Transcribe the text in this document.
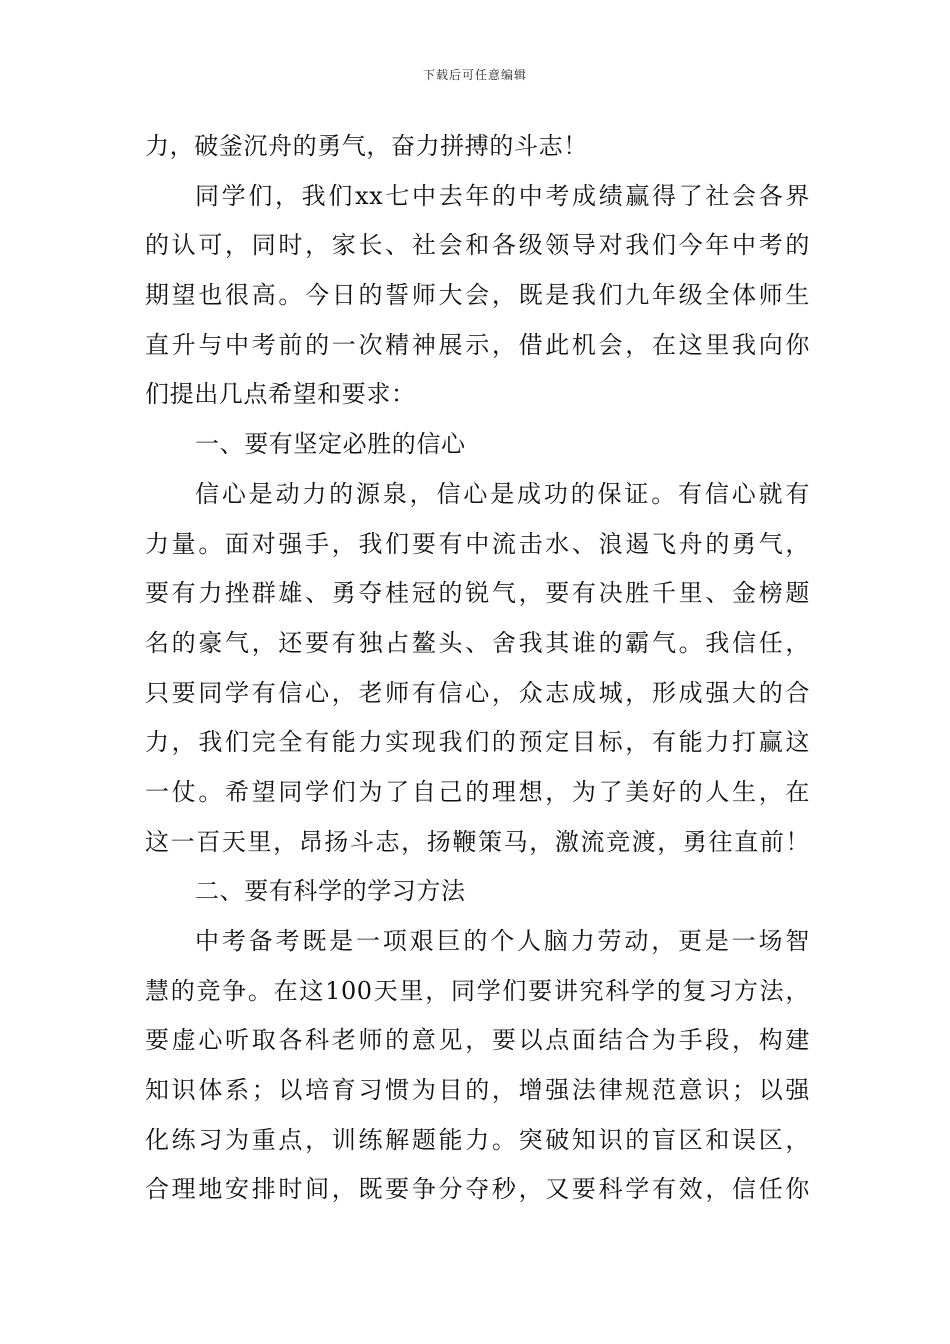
下载后可任意编辑
力，破釜沉舟的勇气，奋力拼搏的斗志！
同学们，我们xx七中去年的中考成绩赢得了社会各界
的认可，同时，家长、社会和各级领导对我们今年中考的
期望也很高。今日的誓师大会，既是我们九年级全体师生
直升与中考前的一次精神展示，借此机会，在这里我向你
们提出几点希望和要求：
一、要有坚定必胜的信心
信心是动力的源泉，信心是成功的保证。有信心就有
力量。面对强手，我们要有中流击水、浪遏飞舟的勇气，
要有力挫群雄、勇夺桂冠的锐气，要有决胜千里、金榜题
名的豪气，还要有独占鳌头、舍我其谁的霸气。我信任，
只要同学有信心，老师有信心，众志成城，形成强大的合
力，我们完全有能力实现我们的预定目标，有能力打赢这
一仗。希望同学们为了自己的理想，为了美好的人生，在
这一百天里，昂扬斗志，扬鞭策马，激流竞渡，勇往直前！
二、要有科学的学习方法
中考备考既是一项艰巨的个人脑力劳动，更是一场智
慧的竞争。在这100天里，同学们要讲究科学的复习方法，
要虚心听取各科老师的意见，要以点面结合为手段，构建
知识体系；以培育习惯为目的，增强法律规范意识；以强
化练习为重点，训练解题能力。突破知识的盲区和误区，
合理地安排时间，既要争分夺秒，又要科学有效，信任你
